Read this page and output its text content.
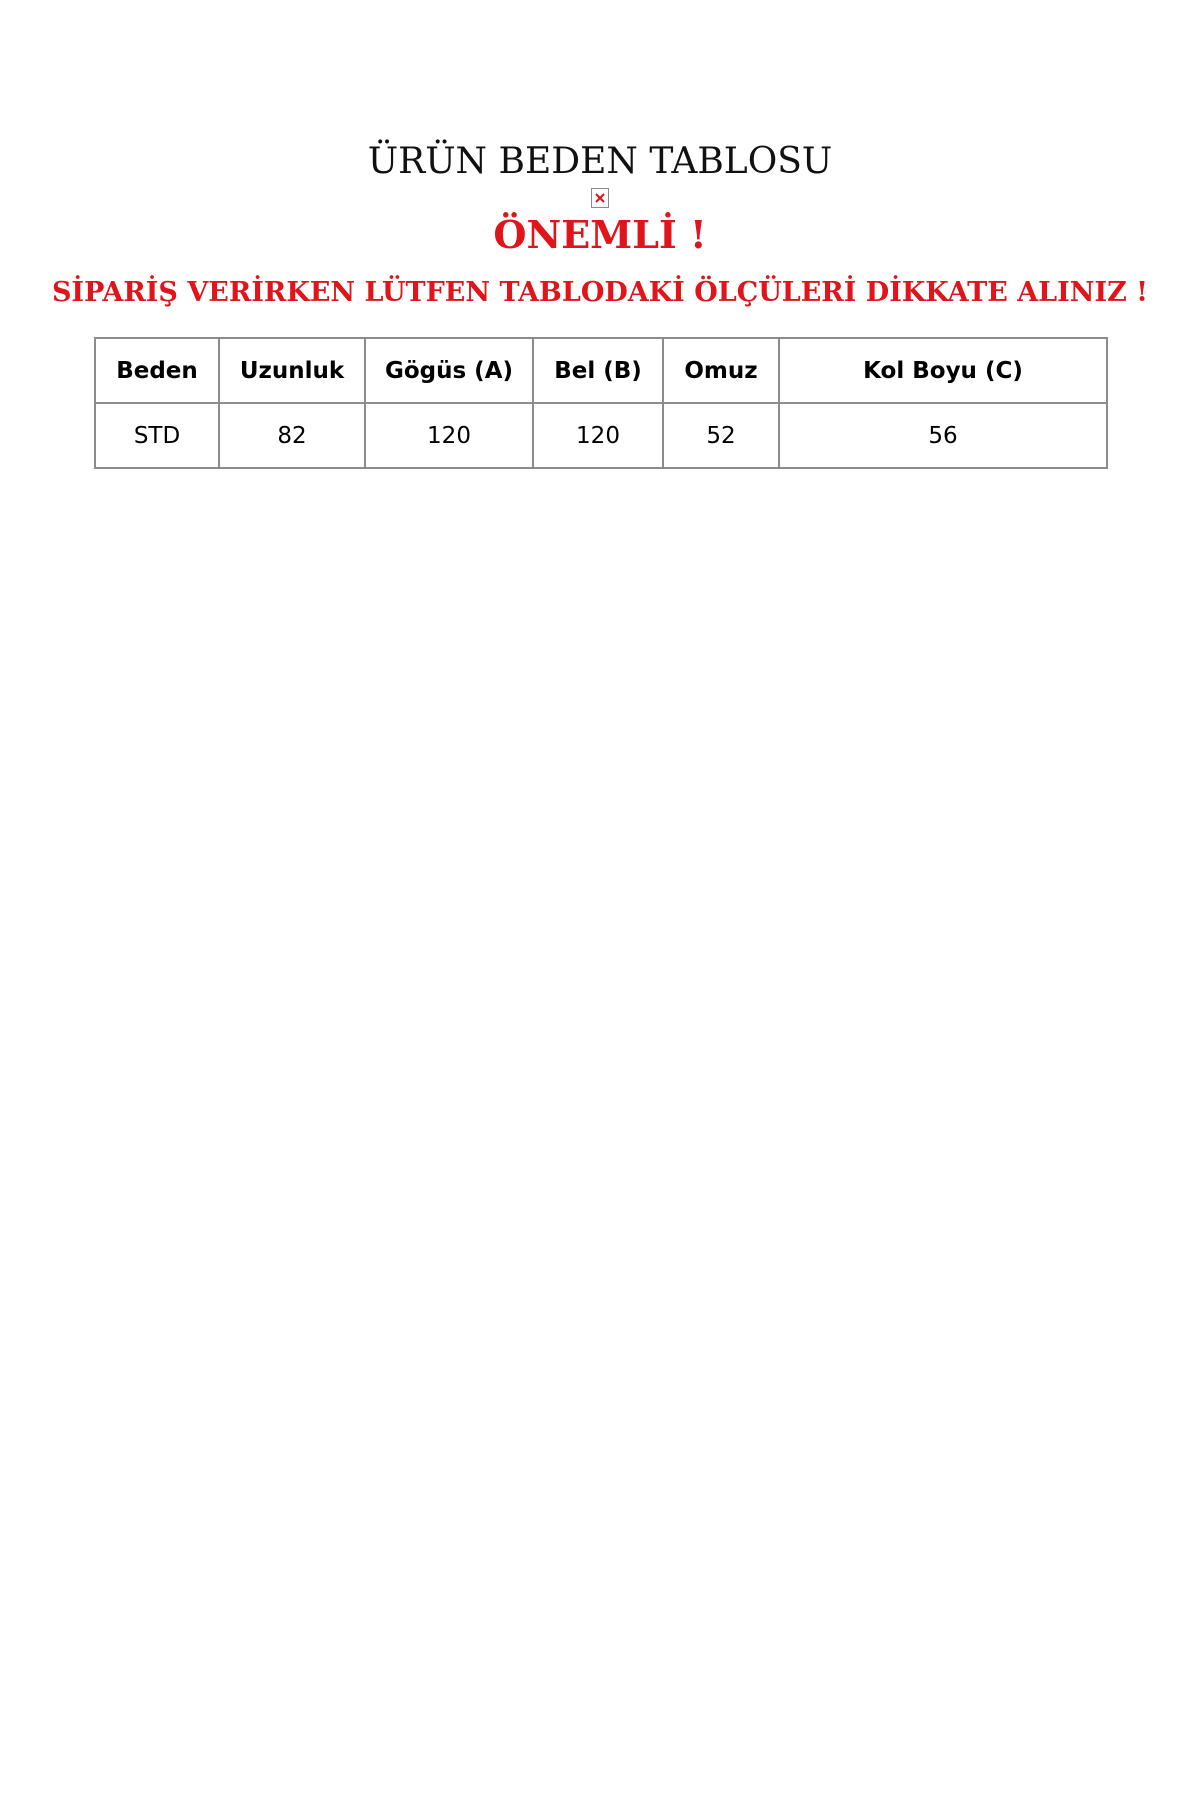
ÜRÜN BEDEN TABLOSU

ÖNEMLİ !

SİPARİŞ VERİRKEN LÜTFEN TABLODAKİ ÖLÇÜLERİ DİKKATE ALINIZ !

Beden	Uzunluk	Gögüs (A)	Bel (B)	Omuz	Kol Boyu (C)
STD	82	120	120	52	56
